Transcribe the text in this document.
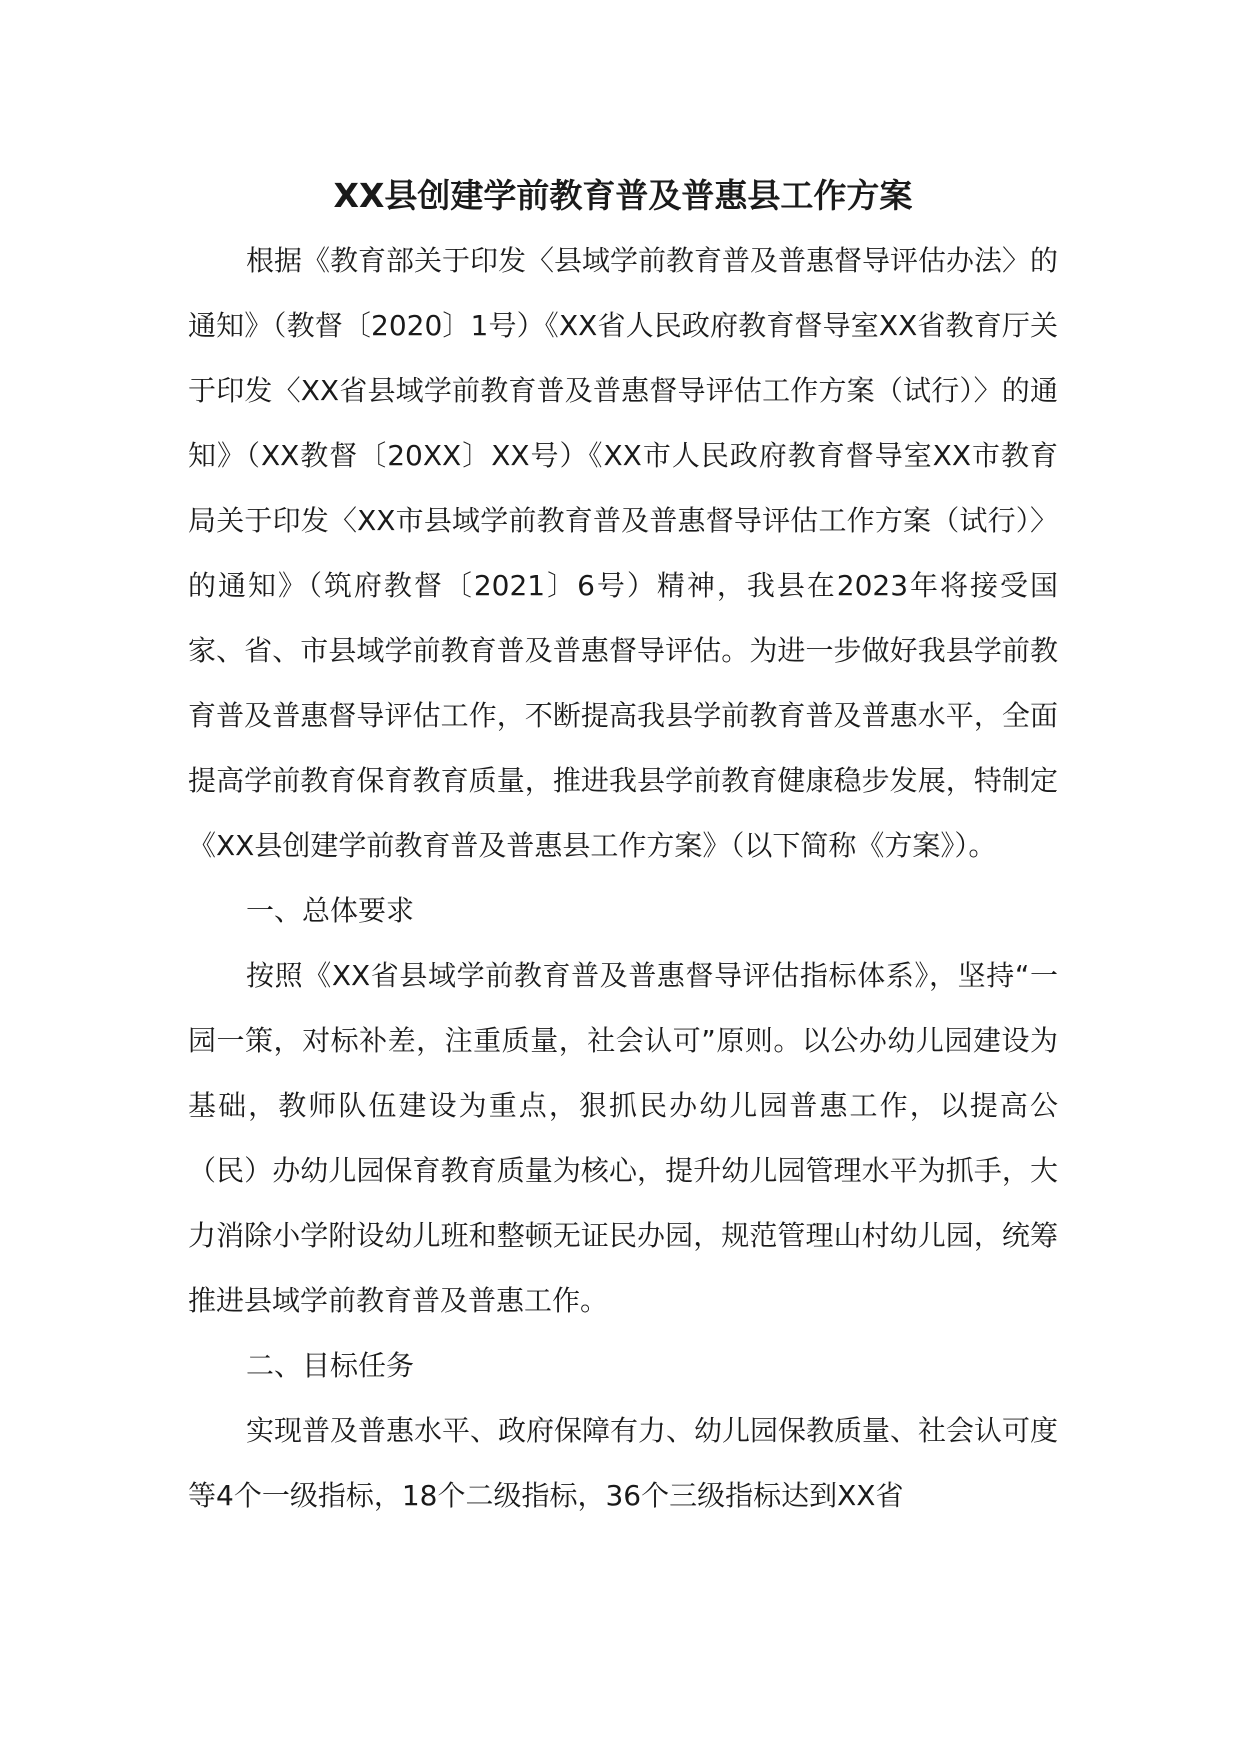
XX县创建学前教育普及普惠县工作方案

根据《教育部关于印发〈县域学前教育普及普惠督导评估办法〉的通知》（教督〔2020〕1号）《XX省人民政府教育督导室XX省教育厅关于印发〈XX省县域学前教育普及普惠督导评估工作方案（试行）〉的通知》（XX教督〔20XX〕XX号）《XX市人民政府教育督导室XX市教育局关于印发〈XX市县域学前教育普及普惠督导评估工作方案（试行）〉的通知》（筑府教督〔2021〕6号）精神，我县在2023年将接受国家、省、市县域学前教育普及普惠督导评估。为进一步做好我县学前教育普及普惠督导评估工作，不断提高我县学前教育普及普惠水平，全面提高学前教育保育教育质量，推进我县学前教育健康稳步发展，特制定《XX县创建学前教育普及普惠县工作方案》（以下简称《方案》）。

一、总体要求

按照《XX省县域学前教育普及普惠督导评估指标体系》，坚持“一园一策，对标补差，注重质量，社会认可”原则。以公办幼儿园建设为基础，教师队伍建设为重点，狠抓民办幼儿园普惠工作，以提高公（民）办幼儿园保育教育质量为核心，提升幼儿园管理水平为抓手，大力消除小学附设幼儿班和整顿无证民办园，规范管理山村幼儿园，统筹推进县域学前教育普及普惠工作。

二、目标任务

实现普及普惠水平、政府保障有力、幼儿园保教质量、社会认可度等4个一级指标，18个二级指标，36个三级指标达到XX省
